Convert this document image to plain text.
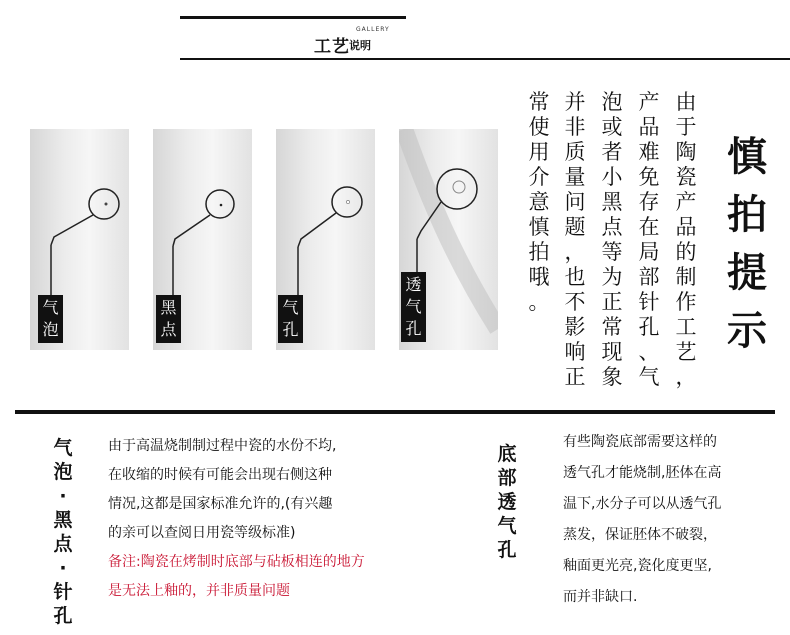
GALLERY
工艺 说明
气
泡
黑
点
气
孔
透
气
孔
常
使
用
介
意
慎
拍
哦
。
并
非
质
量
问
题
，
也
不
影
响
正
泡
或
者
小
黑
点
等
为
正
常
现
象
产
品
难
免
存
在
局
部
针
孔
、
气
由
于
陶
瓷
产
品
的
制
作
工
艺
，
慎
拍
提
示
气
泡
·
黑
点
·
针
孔

由于高温烧制制过程中瓷的水份不均,

在收缩的时候有可能会出现右侧这种

情况,这都是国家标准允许的,(有兴趣

的亲可以查阅日用瓷等级标准)

备注:陶瓷在烤制时底部与砧板相连的地方

是无法上釉的，并非质量问题

底
部
透
气
孔

有些陶瓷底部需要这样的

透气孔才能烧制,胚体在高

温下,水分子可以从透气孔

蒸发，保证胚体不破裂，

釉面更光亮,瓷化度更坚,

而并非缺口.
